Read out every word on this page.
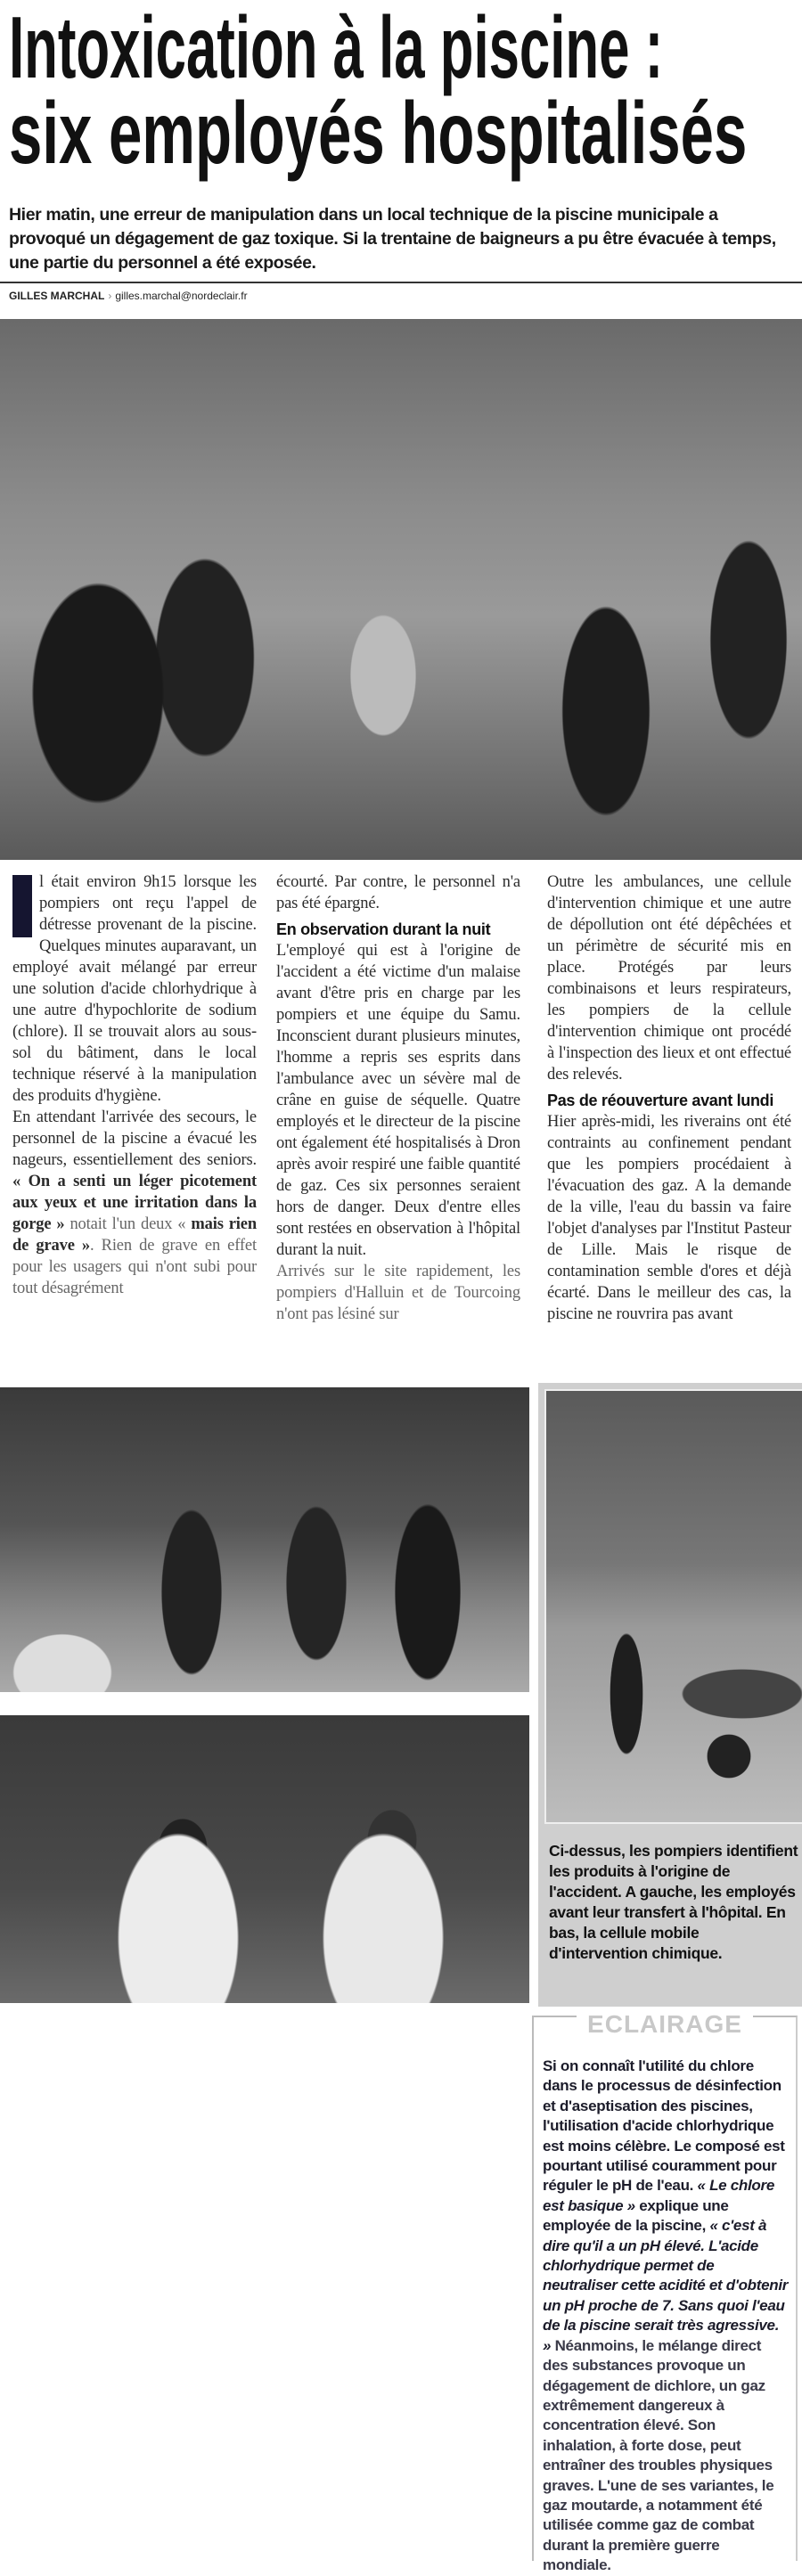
Intoxication à la piscine :
six employés hospitalisés
Hier matin, une erreur de manipulation dans un local technique de la piscine municipale a provoqué un dégagement de gaz toxique. Si la trentaine de baigneurs a pu être évacuée à temps, une partie du personnel a été exposée.
GILLES MARCHAL › gilles.marchal@nordeclair.fr

l était environ 9h15 lorsque les pompiers ont reçu l'appel de détresse provenant de la piscine. Quelques minutes auparavant, un employé avait mélangé par erreur une solution d'acide chlorhydrique à une autre d'hypochlorite de sodium (chlore). Il se trouvait alors au sous-sol du bâtiment, dans le local technique réservé à la manipulation des produits d'hygiène.

En attendant l'arrivée des secours, le personnel de la piscine a évacué les nageurs, essentiellement des seniors. « On a senti un léger picotement aux yeux et une irritation dans la gorge » notait l'un deux « mais rien de grave ». Rien de grave en effet pour les usagers qui n'ont subi pour tout désagrément

écourté. Par contre, le personnel n'a pas été épargné.

En observation durant la nuit

L'employé qui est à l'origine de l'accident a été victime d'un malaise avant d'être pris en charge par les pompiers et une équipe du Samu. Inconscient durant plusieurs minutes, l'homme a repris ses esprits dans l'ambulance avec un sévère mal de crâne en guise de séquelle. Quatre employés et le directeur de la piscine ont également été hospitalisés à Dron après avoir respiré une faible quantité de gaz. Ces six personnes seraient hors de danger. Deux d'entre elles sont restées en observation à l'hôpital durant la nuit.

Arrivés sur le site rapidement, les pompiers d'Halluin et de Tourcoing n'ont pas lésiné sur

Outre les ambulances, une cellule d'intervention chimique et une autre de dépollution ont été dépêchées et un périmètre de sécurité mis en place. Protégés par leurs combinaisons et leurs respirateurs, les pompiers de la cellule d'intervention chimique ont procédé à l'inspection des lieux et ont effectué des relevés.

Pas de réouverture avant lundi

Hier après-midi, les riverains ont été contraints au confinement pendant que les pompiers procédaient à l'évacuation des gaz. A la demande de la ville, l'eau du bassin va faire l'objet d'analyses par l'Institut Pasteur de Lille. Mais le risque de contamination semble d'ores et déjà écarté. Dans le meilleur des cas, la piscine ne rouvrira pas avant

Ci-dessus, les pompiers identifient les produits à l'origine de l'accident. A gauche, les employés avant leur transfert à l'hôpital. En bas, la cellule mobile d'intervention chimique.
ECLAIRAGE
Si on connaît l'utilité du chlore dans le processus de désinfection et d'aseptisation des piscines, l'utilisation d'acide chlorhydrique est moins célèbre. Le composé est pourtant utilisé couramment pour réguler le pH de l'eau. « Le chlore est basique » explique une employée de la piscine, « c'est à dire qu'il a un pH élevé. L'acide chlorhydrique permet de neutraliser cette acidité et d'obtenir un pH proche de 7. Sans quoi l'eau de la piscine serait très agressive. » Néanmoins, le mélange direct des substances provoque un dégagement de dichlore, un gaz extrêmement dangereux à concentration élevé. Son inhalation, à forte dose, peut entraîner des troubles physiques graves. L'une de ses variantes, le gaz moutarde, a notamment été utilisée comme gaz de combat durant la première guerre mondiale.
